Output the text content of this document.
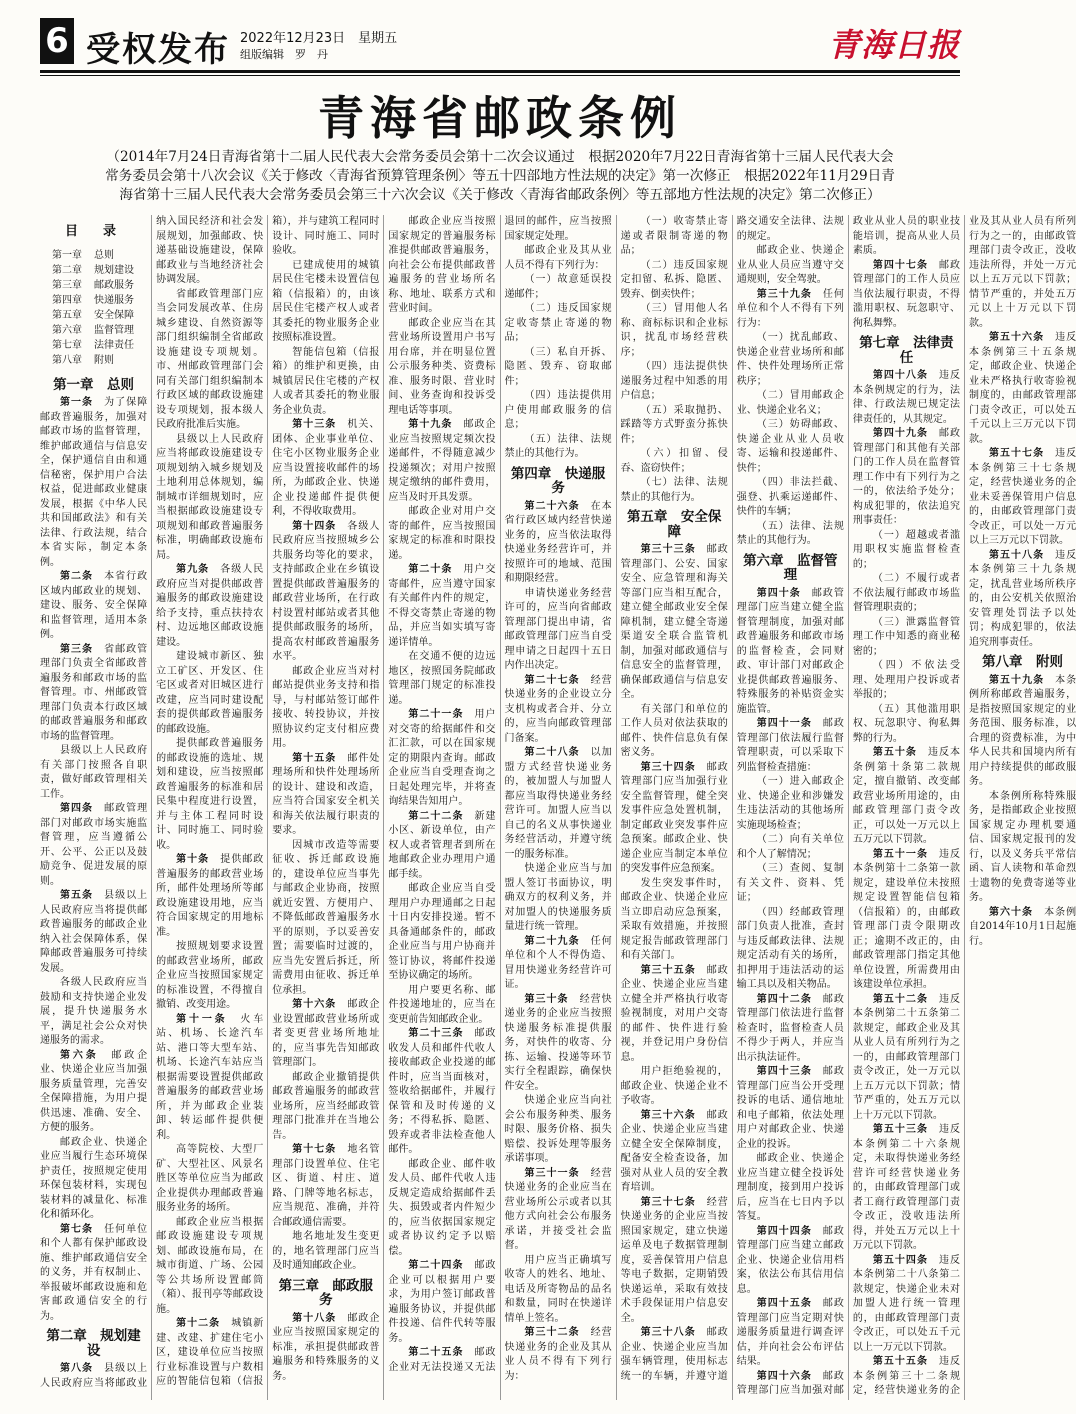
6 受权发布 2022年12月23日　星期五
组版编辑　罗　丹	青海日报
青海省邮政条例
（2014年7月24日青海省第十二届人民代表大会常务委员会第十二次会议通过　根据2020年7月22日青海省第十三届人民代表大会常务委员会第十八次会议《关于修改〈青海省预算管理条例〉等五十四部地方性法规的决定》第一次修正　根据2022年11月29日青海省第十三届人民代表大会常务委员会第三十六次会议《关于修改〈青海省邮政条例〉等五部地方性法规的决定》第二次修正）
目　录
第一章 总则
第二章 规划建设
第三章 邮政服务
第四章 快递服务
第五章 安全保障
第六章 监督管理
第七章 法律责任
第八章 附则
第一章　总则

第一条　 为了保障邮政普遍服务，加强对邮政市场的监督管理，维护邮政通信与信息安全，保护通信自由和通信秘密，保护用户合法权益，促进邮政业健康发展，根据《中华人民共和国邮政法》和有关法律、行政法规，结合本省实际，制定本条例。

第二条　 本省行政区域内邮政业的规划、建设、服务、安全保障和监督管理，适用本条例。

第三条　 省邮政管理部门负责全省邮政普遍服务和邮政市场的监督管理。市、州邮政管理部门负责本行政区域的邮政普遍服务和邮政市场的监督管理。

县级以上人民政府有关部门按照各自职责，做好邮政管理相关工作。

第四条　 邮政管理部门对邮政市场实施监督管理，应当遵循公开、公平、公正以及鼓励竞争、促进发展的原则。

第五条　 县级以上人民政府应当将提供邮政普遍服务的邮政企业纳入社会保障体系，保障邮政普遍服务可持续发展。

各级人民政府应当鼓励和支持快递企业发展，提升快递服务水平，满足社会公众对快递服务的需求。

第六条　 邮政企业、快递企业应当加强服务质量管理，完善安全保障措施，为用户提供迅速、准确、安全、方便的服务。

邮政企业、快递企业应当履行生态环境保护责任，按照规定使用环保包装材料，实现包装材料的减量化、标准化和循环化。

第七条　 任何单位和个人都有保护邮政设施、维护邮政通信安全的义务，并有权制止、举报破坏邮政设施和危害邮政通信安全的行为。

第二章　规划建设

第八条　 县级以上人民政府应当将邮政业纳入国民经济和社会发展规划，加强邮政、快递基础设施建设，保障邮政业与当地经济社会协调发展。

省邮政管理部门应当会同发展改革、住房城乡建设、自然资源等部门组织编制全省邮政设施建设专项规划。市、州邮政管理部门会同有关部门组织编制本行政区域的邮政设施建设专项规划，报本级人民政府批准后实施。

县级以上人民政府应当将邮政设施建设专项规划纳入城乡规划及土地利用总体规划，编制城市详细规划时，应当根据邮政设施建设专项规划和邮政普遍服务标准，明确邮政设施布局。

第九条　 各级人民政府应当对提供邮政普遍服务的邮政设施建设给予支持，重点扶持农村、边远地区邮政设施建设。

建设城市新区、独立工矿区、开发区、住宅区或者对旧城区进行改建，应当同时建设配套的提供邮政普遍服务的邮政设施。

提供邮政普遍服务的邮政设施的选址、规划和建设，应当按照邮政普遍服务的标准和居民集中程度进行设置，并与主体工程同时设计、同时施工、同时验收。

第十条　 提供邮政普遍服务的邮政营业场所，邮件处理场所等邮政设施建设用地，应当符合国家规定的用地标准。

按照规划要求设置的邮政营业场所，邮政企业应当按照国家规定的标准设置，不得擅自撤销、改变用途。

第十一条　 火车站、机场、长途汽车站、港口等大型车站、机场、长途汽车站应当根据需要设置提供邮政普遍服务的邮政营业场所，并为邮政企业装卸、转运邮件提供便利。

高等院校、大型厂矿、大型社区、风景名胜区等单位应当为邮政企业提供办理邮政普遍服务业务的场所。

邮政企业应当根据邮政设施建设专项规划、邮政设施布局，在城市街道、广场、公园等公共场所设置邮筒（箱）、报刊亭等邮政设施。

第十二条　 城镇新建、改建、扩建住宅小区，建设单位应当按照行业标准设置与户数相应的智能信包箱（信报箱），并与建筑工程同时设计、同时施工、同时验收。

已建成使用的城镇居民住宅楼未设置信包箱（信报箱）的，由该居民住宅楼产权人或者其委托的物业服务企业按照标准设置。

智能信包箱（信报箱）的维护和更换，由城镇居民住宅楼的产权人或者其委托的物业服务企业负责。

第十三条　 机关、团体、企业事业单位、住宅小区物业服务企业应当设置接收邮件的场所，为邮政企业、快递企业投递邮件提供便利，不得收取费用。

第十四条　 各级人民政府应当按照城乡公共服务均等化的要求，支持邮政企业在乡镇设置提供邮政普遍服务的邮政营业场所，在行政村设置村邮站或者其他提供邮政服务的场所，提高农村邮政普遍服务水平。

邮政企业应当对村邮站提供业务支持和指导，与村邮站签订邮件接收、转投协议，并按照协议约定支付相应费用。

第十五条　 邮件处理场所和快件处理场所的设计、建设和改造，应当符合国家安全机关和海关依法履行职责的要求。

因城市改造等需要征收、拆迁邮政设施的，建设单位应当事先与邮政企业协商，按照就近安置、方便用户、不降低邮政普遍服务水平的原则，予以妥善安置；需要临时过渡的，应当先安置后拆迁，所需费用由征收、拆迁单位承担。

第十六条　 邮政企业设置邮政营业场所或者变更营业场所地址的，应当事先告知邮政管理部门。

邮政企业撤销提供邮政普遍服务的邮政营业场所，应当经邮政管理部门批准并在当地公告。

第十七条　 地名管理部门设置单位、住宅区、街道、村庄、道路、门牌等地名标志，应当规范、准确，并符合邮政通信需要。

地名地址发生变更的，地名管理部门应当及时通知邮政企业。

第三章　邮政服务

第十八条　 邮政企业应当按照国家规定的标准，承担提供邮政普遍服务和特殊服务的义务。

邮政企业应当按照国家规定的普遍服务标准提供邮政普遍服务，向社会公布提供邮政普遍服务的营业场所名称、地址、联系方式和营业时间。

邮政企业应当在其营业场所设置用户书写用台席，并在明显位置公示服务种类、资费标准、服务时限、营业时间、业务查询和投诉受理电话等事项。

第十九条　 邮政企业应当按照规定频次投递邮件，不得随意减少投递频次；对用户按照规定缴纳的邮件费用，应当及时开具发票。

邮政企业对用户交寄的邮件，应当按照国家规定的标准和时限投递。

第二十条　 用户交寄邮件，应当遵守国家有关邮件内件的规定，不得交寄禁止寄递的物品，并应当如实填写寄递详情单。

在交通不便的边远地区，按照国务院邮政管理部门规定的标准投递。

第二十一条　 用户对交寄的给据邮件和交汇汇款，可以在国家规定的期限内查询。邮政企业应当自受理查询之日起处理完毕，并将查询结果告知用户。

第二十二条　 新建小区、新设单位，由产权人或者管理者到所在地邮政企业办理用户通邮手续。

邮政企业应当自受理用户办理通邮之日起十日内安排投递。暂不具备通邮条件的，邮政企业应当与用户协商并签订协议，将邮件投递至协议确定的场所。

用户要更名称、邮件投递地址的，应当在变更前告知邮政企业。

第二十三条　 邮政收发人员和邮件代收人接收邮政企业投递的邮件时，应当当面核对，签收给据邮件，并履行保管和及时传递的义务；不得私拆、隐匿、毁弃或者非法检查他人邮件。

邮政企业、邮件收发人员、邮件代收人违反规定造成给据邮件丢失、损毁或者内件短少的，应当依据国家规定或者协议约定予以赔偿。

第二十四条　 邮政企业可以根据用户要求，为用户签订邮政普遍服务协议，并提供邮件投递、信件代转等服务。

第二十五条　 邮政企业对无法投递又无法退回的邮件，应当按照国家规定处理。

邮政企业及其从业人员不得有下列行为：

（一）故意延误投递邮件；

（二）违反国家规定收寄禁止寄递的物品；

（三）私自开拆、隐匿、毁弃、窃取邮件；

（四）违法提供用户使用邮政服务的信息；

（五）法律、法规禁止的其他行为。

第四章　快递服务

第二十六条　 在本省行政区域内经营快递业务的，应当依法取得快递业务经营许可，并按照许可的地域、范围和期限经营。

申请快递业务经营许可的，应当向省邮政管理部门提出申请，省邮政管理部门应当自受理申请之日起四十五日内作出决定。

第二十七条　 经营快递业务的企业设立分支机构或者合并、分立的，应当向邮政管理部门备案。

第二十八条　 以加盟方式经营快递业务的，被加盟人与加盟人都应当取得快递业务经营许可。加盟人应当以自己的名义从事快递业务经营活动，并遵守统一的服务标准。

快递企业应当与加盟人签订书面协议，明确双方的权利义务，并对加盟人的快递服务质量进行统一管理。

第二十九条　 任何单位和个人不得伪造、冒用快递业务经营许可证。

第三十条　 经营快递业务的企业应当按照快递服务标准提供服务，对快件的收寄、分拣、运输、投递等环节实行全程跟踪，确保快件安全。

快递企业应当向社会公布服务种类、服务时限、服务价格、损失赔偿、投诉处理等服务承诺事项。

第三十一条　 经营快递业务的企业应当在营业场所公示或者以其他方式向社会公布服务承诺，并接受社会监督。

用户应当正确填写收寄人的姓名、地址、电话及所寄物品的品名和数量，同时在快递详情单上签名。

第三十二条　 经营快递业务的企业及其从业人员不得有下列行为：

（一）收寄禁止寄递或者限制寄递的物品；

（二）违反国家规定扣留、私拆、隐匿、毁弃、倒卖快件；

（三）冒用他人名称、商标标识和企业标识，扰乱市场经营秩序；

（四）违法提供快递服务过程中知悉的用户信息；

（五）采取抛扔、踩踏等方式野蛮分拣快件；

（六）扣留、侵吞、盗窃快件；

（七）法律、法规禁止的其他行为。

第五章　安全保障

第三十三条　 邮政管理部门、公安、国家安全、应急管理和海关等部门应当相互配合，建立健全邮政业安全保障机制，建立健全寄递渠道安全联合监管机制，加强对邮政通信与信息安全的监督管理，确保邮政通信与信息安全。

有关部门和单位的工作人员对依法获取的邮件、快件信息负有保密义务。

第三十四条　 邮政管理部门应当加强行业安全监督管理，健全突发事件应急处置机制，制定邮政业突发事件应急预案。邮政企业、快递企业应当制定本单位的突发事件应急预案。

发生突发事件时，邮政企业、快递企业应当立即启动应急预案，采取有效措施，并按照规定报告邮政管理部门和有关部门。

第三十五条　 邮政企业、快递企业应当建立健全并严格执行收寄验视制度，对用户交寄的邮件、快件进行验视，并登记用户身份信息。

用户拒绝验视的，邮政企业、快递企业不予收寄。

第三十六条　 邮政企业、快递企业应当建立健全安全保障制度，配备安全检查设备，加强对从业人员的安全教育培训。

第三十七条　 经营快递业务的企业应当按照国家规定，建立快递运单及电子数据管理制度，妥善保管用户信息等电子数据，定期销毁快递运单，采取有效技术手段保证用户信息安全。

第三十八条　 邮政企业、快递企业应当加强车辆管理，使用标志统一的车辆，并遵守道路交通安全法律、法规的规定。

邮政企业、快递企业从业人员应当遵守交通规则，安全驾驶。

第三十九条　 任何单位和个人不得有下列行为：

（一）扰乱邮政、快递企业营业场所和邮件、快件处理场所正常秩序；

（二）冒用邮政企业、快递企业名义；

（三）妨碍邮政、快递企业从业人员收寄、运输和投递邮件、快件；

（四）非法拦截、强登、扒乘运递邮件、快件的车辆；

（五）法律、法规禁止的其他行为。

第六章　监督管理

第四十条　 邮政管理部门应当建立健全监督管理制度，加强对邮政普遍服务和邮政市场的监督检查，会同财政、审计部门对邮政企业提供邮政普遍服务、特殊服务的补贴资金实施监管。

第四十一条　 邮政管理部门依法履行监督管理职责，可以采取下列监督检查措施：

（一）进入邮政企业、快递企业和涉嫌发生违法活动的其他场所实施现场检查；

（二）向有关单位和个人了解情况；

（三）查阅、复制有关文件、资料、凭证；

（四）经邮政管理部门负责人批准，查封与违反邮政法律、法规规定活动有关的场所，扣押用于违法活动的运输工具以及相关物品。

第四十二条　 邮政管理部门依法进行监督检查时，监督检查人员不得少于两人，并应当出示执法证件。

第四十三条　 邮政管理部门应当公开受理投诉的电话、通信地址和电子邮箱，依法处理用户对邮政企业、快递企业的投诉。

邮政企业、快递企业应当建立健全投诉处理制度，接到用户投诉后，应当在七日内予以答复。

第四十四条　 邮政管理部门应当建立邮政企业、快递企业信用档案，依法公布其信用信息。

第四十五条　 邮政管理部门应当定期对快递服务质量进行调查评估，并向社会公布评估结果。

第四十六条　 邮政管理部门应当加强对邮政业从业人员的职业技能培训，提高从业人员素质。

第四十七条　 邮政管理部门的工作人员应当依法履行职责，不得滥用职权、玩忽职守、徇私舞弊。

第七章　法律责任

第四十八条　 违反本条例规定的行为，法律、行政法规已规定法律责任的，从其规定。

第四十九条　 邮政管理部门和其他有关部门的工作人员在监督管理工作中有下列行为之一的，依法给予处分；构成犯罪的，依法追究刑事责任：

（一）超越或者滥用职权实施监督检查的；

（二）不履行或者不依法履行邮政市场监督管理职责的；

（三）泄露监督管理工作中知悉的商业秘密的；

（四）不依法受理、处理用户投诉或者举报的；

（五）其他滥用职权、玩忽职守、徇私舞弊的行为。

第五十条　 违反本条例第十条第二款规定，擅自撤销、改变邮政营业场所用途的，由邮政管理部门责令改正，可以处一万元以上五万元以下罚款。

第五十一条　 违反本条例第十二条第一款规定，建设单位未按照规定设置智能信包箱（信报箱）的，由邮政管理部门责令限期改正；逾期不改正的，由邮政管理部门指定其他单位设置，所需费用由该建设单位承担。

第五十二条　 违反本条例第二十五条第二款规定，邮政企业及其从业人员有所列行为之一的，由邮政管理部门责令改正，处一万元以上五万元以下罚款；情节严重的，处五万元以上十万元以下罚款。

第五十三条　 违反本条例第二十六条规定，未取得快递业务经营许可经营快递业务的，由邮政管理部门或者工商行政管理部门责令改正，没收违法所得，并处五万元以上十万元以下罚款。

第五十四条　 违反本条例第二十八条第二款规定，快递企业未对加盟人进行统一管理的，由邮政管理部门责令改正，可以处五千元以上一万元以下罚款。

第五十五条　 违反本条例第三十二条规定，经营快递业务的企业及其从业人员有所列行为之一的，由邮政管理部门责令改正，没收违法所得，并处一万元以上五万元以下罚款；情节严重的，并处五万元以上十万元以下罚款。

第五十六条　 违反本条例第三十五条规定，邮政企业、快递企业未严格执行收寄验视制度的，由邮政管理部门责令改正，可以处五千元以上三万元以下罚款。

第五十七条　 违反本条例第三十七条规定，经营快递业务的企业未妥善保管用户信息的，由邮政管理部门责令改正，可以处一万元以上三万元以下罚款。

第五十八条　 违反本条例第三十九条规定，扰乱营业场所秩序的，由公安机关依照治安管理处罚法予以处罚；构成犯罪的，依法追究刑事责任。

第八章　附则

第五十九条　 本条例所称邮政普遍服务，是指按照国家规定的业务范围、服务标准，以合理的资费标准，为中华人民共和国境内所有用户持续提供的邮政服务。

本条例所称特殊服务，是指邮政企业按照国家规定办理机要通信、国家规定报刊的发行，以及义务兵平常信函、盲人读物和革命烈士遗物的免费寄递等业务。

第六十条　 本条例自2014年10月1日起施行。
